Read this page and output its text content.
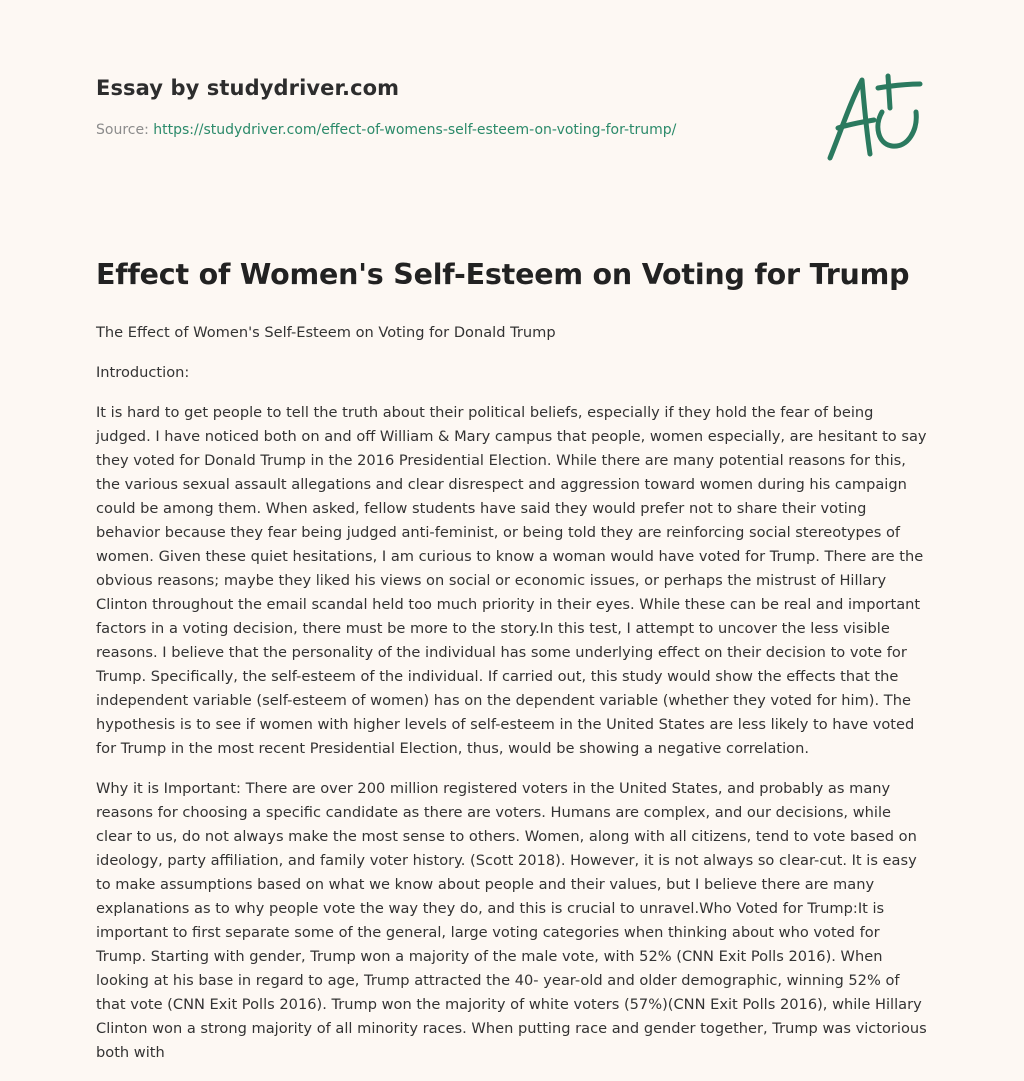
Essay by studydriver.com

Source: https://studydriver.com/effect-of-womens-self-esteem-on-voting-for-trump/
Effect of Women's Self-Esteem on Voting for Trump

The Effect of Women's Self-Esteem on Voting for Donald Trump

Introduction:

It is hard to get people to tell the truth about their political beliefs, especially if they hold the fear of being judged. I have noticed both on and off William & Mary campus that people, women especially, are hesitant to say they voted for Donald Trump in the 2016 Presidential Election. While there are many potential reasons for this, the various sexual assault allegations and clear disrespect and aggression toward women during his campaign could be among them. When asked, fellow students have said they would prefer not to share their voting behavior because they fear being judged anti-feminist, or being told they are reinforcing social stereotypes of women. Given these quiet hesitations, I am curious to know a woman would have voted for Trump. There are the obvious reasons; maybe they liked his views on social or economic issues, or perhaps the mistrust of Hillary Clinton throughout the email scandal held too much priority in their eyes. While these can be real and important factors in a voting decision, there must be more to the story.In this test, I attempt to uncover the less visible reasons. I believe that the personality of the individual has some underlying effect on their decision to vote for Trump. Specifically, the self-esteem of the individual. If carried out, this study would show the effects that the independent variable (self-esteem of women) has on the dependent variable (whether they voted for him). The hypothesis is to see if women with higher levels of self-esteem in the United States are less likely to have voted for Trump in the most recent Presidential Election, thus, would be showing a negative correlation.

Why it is Important: There are over 200 million registered voters in the United States, and probably as many reasons for choosing a specific candidate as there are voters. Humans are complex, and our decisions, while clear to us, do not always make the most sense to others. Women, along with all citizens, tend to vote based on ideology, party affiliation, and family voter history. (Scott 2018). However, it is not always so clear-cut. It is easy to make assumptions based on what we know about people and their values, but I believe there are many explanations as to why people vote the way they do, and this is crucial to unravel.Who Voted for Trump:It is important to first separate some of the general, large voting categories when thinking about who voted for Trump. Starting with gender, Trump won a majority of the male vote, with 52% (CNN Exit Polls 2016). When looking at his base in regard to age, Trump attracted the 40- year-old and older demographic, winning 52% of that vote (CNN Exit Polls 2016). Trump won the majority of white voters (57%)(CNN Exit Polls 2016), while Hillary Clinton won a strong majority of all minority races. When putting race and gender together, Trump was victorious both with
